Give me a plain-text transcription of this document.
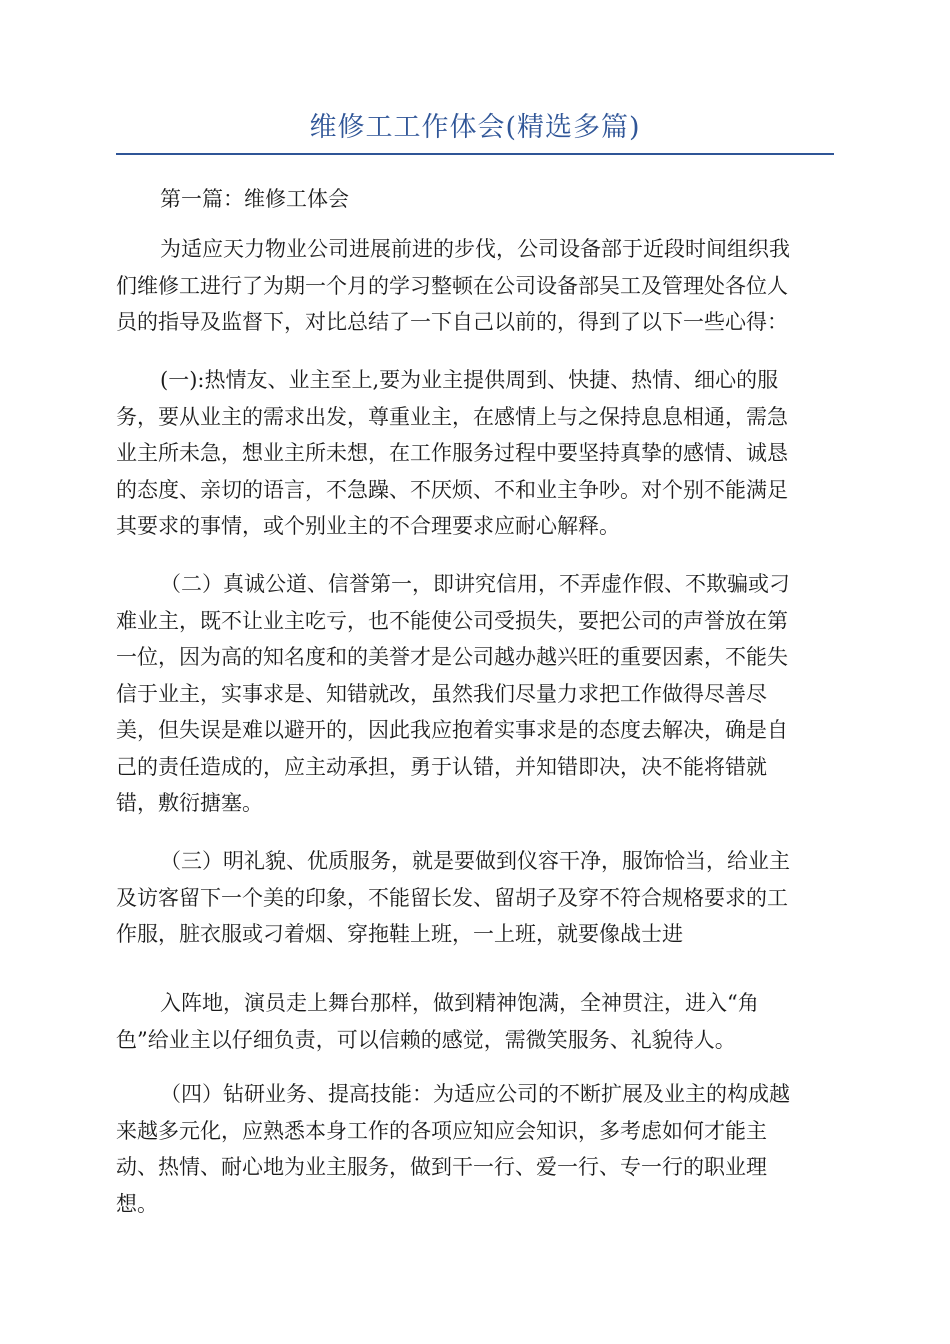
维修工工作体会(精选多篇)

第一篇：维修工体会

为适应天力物业公司进展前进的步伐，公司设备部于近段时间组织我
们维修工进行了为期一个月的学习整顿在公司设备部吴工及管理处各位人
员的指导及监督下，对比总结了一下自己以前的，得到了以下一些心得：

(一):热情友、业主至上,要为业主提供周到、快捷、热情、细心的服
务，要从业主的需求出发，尊重业主，在感情上与之保持息息相通，需急
业主所未急，想业主所未想，在工作服务过程中要坚持真挚的感情、诚恳
的态度、亲切的语言，不急躁、不厌烦、不和业主争吵。对个别不能满足
其要求的事情，或个别业主的不合理要求应耐心解释。

（二）真诚公道、信誉第一，即讲究信用，不弄虚作假、不欺骗或刁
难业主，既不让业主吃亏，也不能使公司受损失，要把公司的声誉放在第
一位，因为高的知名度和的美誉才是公司越办越兴旺的重要因素，不能失
信于业主，实事求是、知错就改，虽然我们尽量力求把工作做得尽善尽
美，但失误是难以避开的，因此我应抱着实事求是的态度去解决，确是自
己的责任造成的，应主动承担，勇于认错，并知错即决，决不能将错就
错，敷衍搪塞。

（三）明礼貌、优质服务，就是要做到仪容干净，服饰恰当，给业主
及访客留下一个美的印象，不能留长发、留胡子及穿不符合规格要求的工
作服，脏衣服或刁着烟、穿拖鞋上班，一上班，就要像战士进

入阵地，演员走上舞台那样，做到精神饱满，全神贯注，进入“角
色”给业主以仔细负责，可以信赖的感觉，需微笑服务、礼貌待人。

（四）钻研业务、提高技能：为适应公司的不断扩展及业主的构成越
来越多元化，应熟悉本身工作的各项应知应会知识，多考虑如何才能主
动、热情、耐心地为业主服务，做到干一行、爱一行、专一行的职业理
想。
